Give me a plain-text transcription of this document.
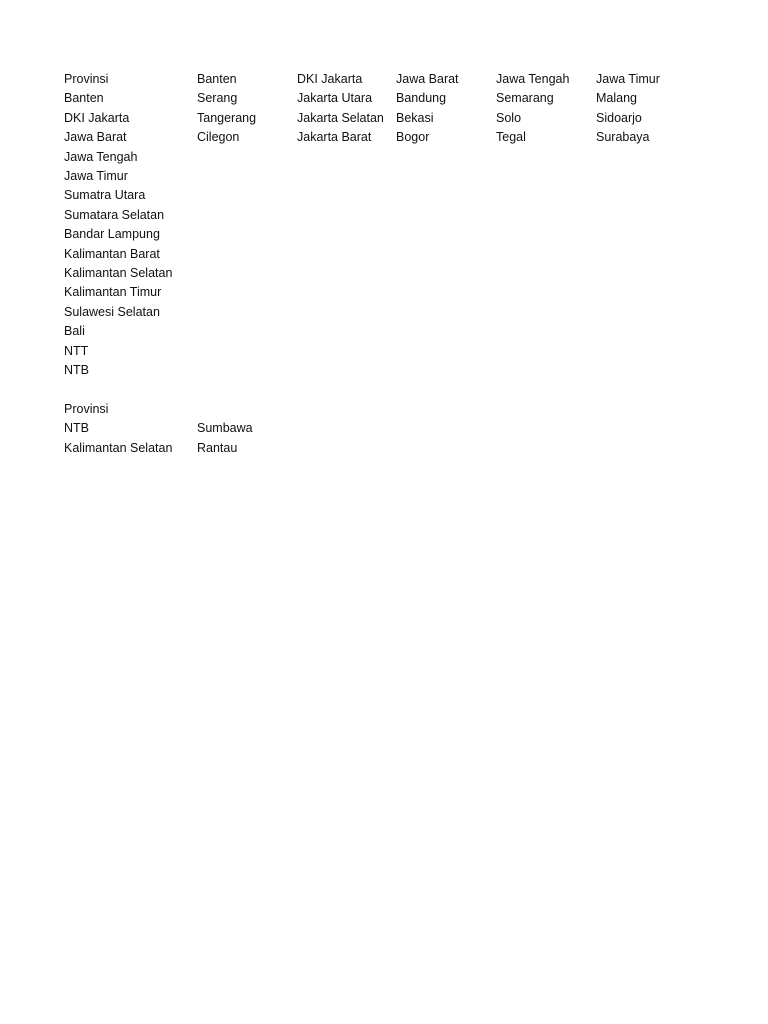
Provinsi	Banten	DKI Jakarta	Jawa Barat	Jawa Tengah	Jawa Timur
Banten	Serang	Jakarta Utara	Bandung	Semarang	Malang
DKI Jakarta	Tangerang	Jakarta Selatan	Bekasi	Solo	Sidoarjo
Jawa Barat	Cilegon	Jakarta Barat	Bogor	Tegal	Surabaya
Jawa Tengah					
Jawa Timur					
Sumatra Utara					
Sumatara Selatan					
Bandar Lampung					
Kalimantan Barat					
Kalimantan Selatan					
Kalimantan Timur					
Sulawesi Selatan					
Bali					
NTT					
NTB					

Provinsi					
NTB	Sumbawa				
Kalimantan Selatan	Rantau				
